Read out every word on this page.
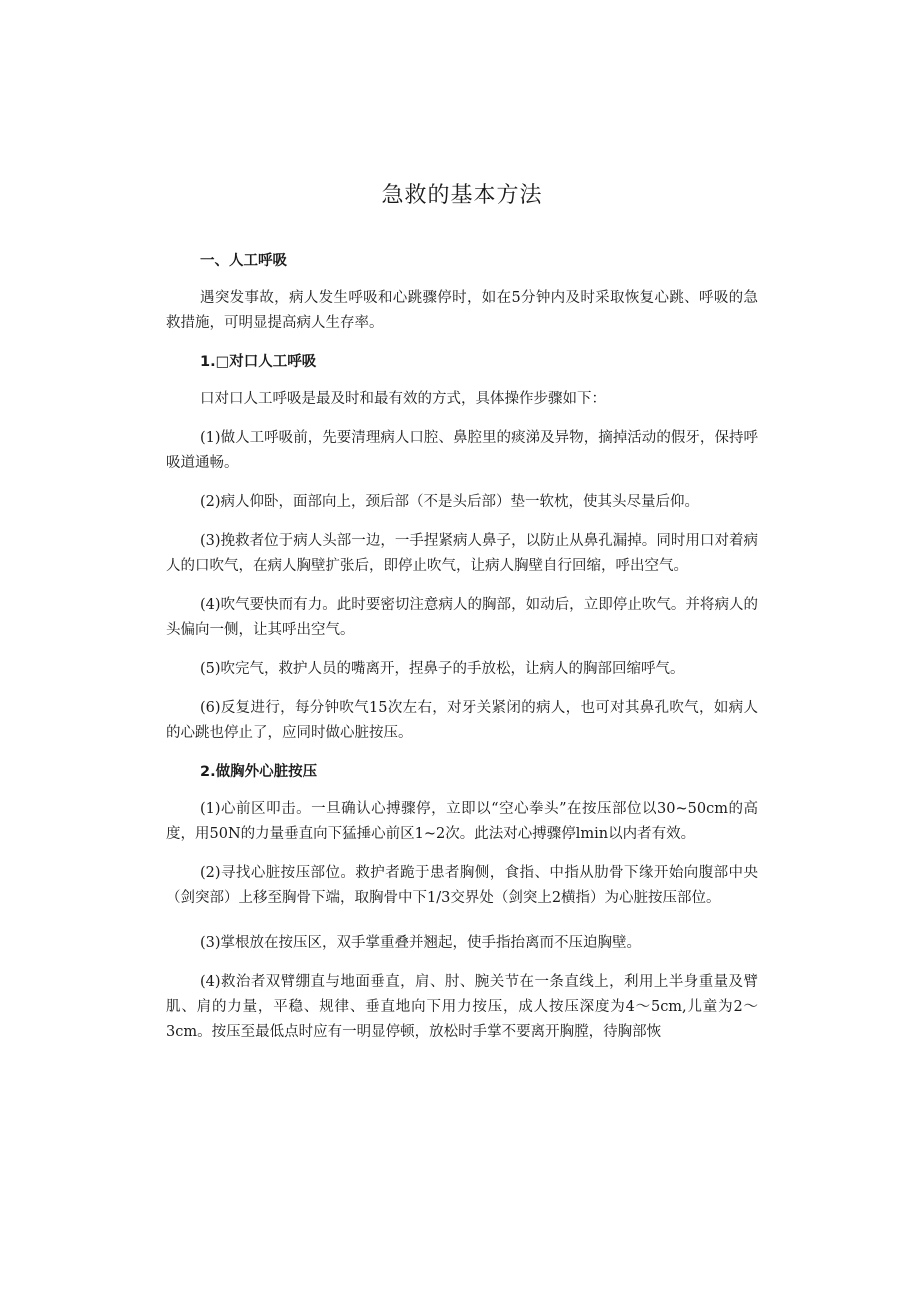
急救的基本方法
一、人工呼吸

遇突发事故，病人发生呼吸和心跳骤停时，如在5分钟内及时采取恢复心跳、呼吸的急救措施，可明显提高病人生存率。

1.□对口人工呼吸

口对口人工呼吸是最及时和最有效的方式，具体操作步骤如下：

(1)做人工呼吸前，先要清理病人口腔、鼻腔里的痰涕及异物，摘掉活动的假牙，保持呼吸道通畅。

(2)病人仰卧，面部向上，颈后部（不是头后部）垫一软枕，使其头尽量后仰。

(3)挽救者位于病人头部一边，一手捏紧病人鼻子，以防止从鼻孔漏掉。同时用口对着病人的口吹气，在病人胸壁扩张后，即停止吹气，让病人胸壁自行回缩，呼出空气。

(4)吹气要快而有力。此时要密切注意病人的胸部，如动后，立即停止吹气。并将病人的头偏向一侧，让其呼出空气。

(5)吹完气，救护人员的嘴离开，捏鼻子的手放松，让病人的胸部回缩呼气。

(6)反复进行，每分钟吹气15次左右，对牙关紧闭的病人，也可对其鼻孔吹气，如病人的心跳也停止了，应同时做心脏按压。

2.做胸外心脏按压

(1)心前区叩击。一旦确认心搏骤停，立即以“空心拳头”在按压部位以30~50cm的高度，用50N的力量垂直向下猛捶心前区1~2次。此法对心搏骤停lmin以内者有效。

(2)寻找心脏按压部位。救护者跪于患者胸侧，食指、中指从肋骨下缘开始向腹部中央（剑突部）上移至胸骨下端，取胸骨中下1/3交界处（剑突上2横指）为心脏按压部位。

(3)掌根放在按压区，双手掌重叠并翘起，使手指抬离而不压迫胸壁。

(4)救治者双臂绷直与地面垂直，肩、肘、腕关节在一条直线上，利用上半身重量及臂肌、肩的力量，平稳、规律、垂直地向下用力按压，成人按压深度为4〜5cm,儿童为2〜3cm。按压至最低点时应有一明显停顿，放松时手掌不要离开胸膛，待胸部恢
